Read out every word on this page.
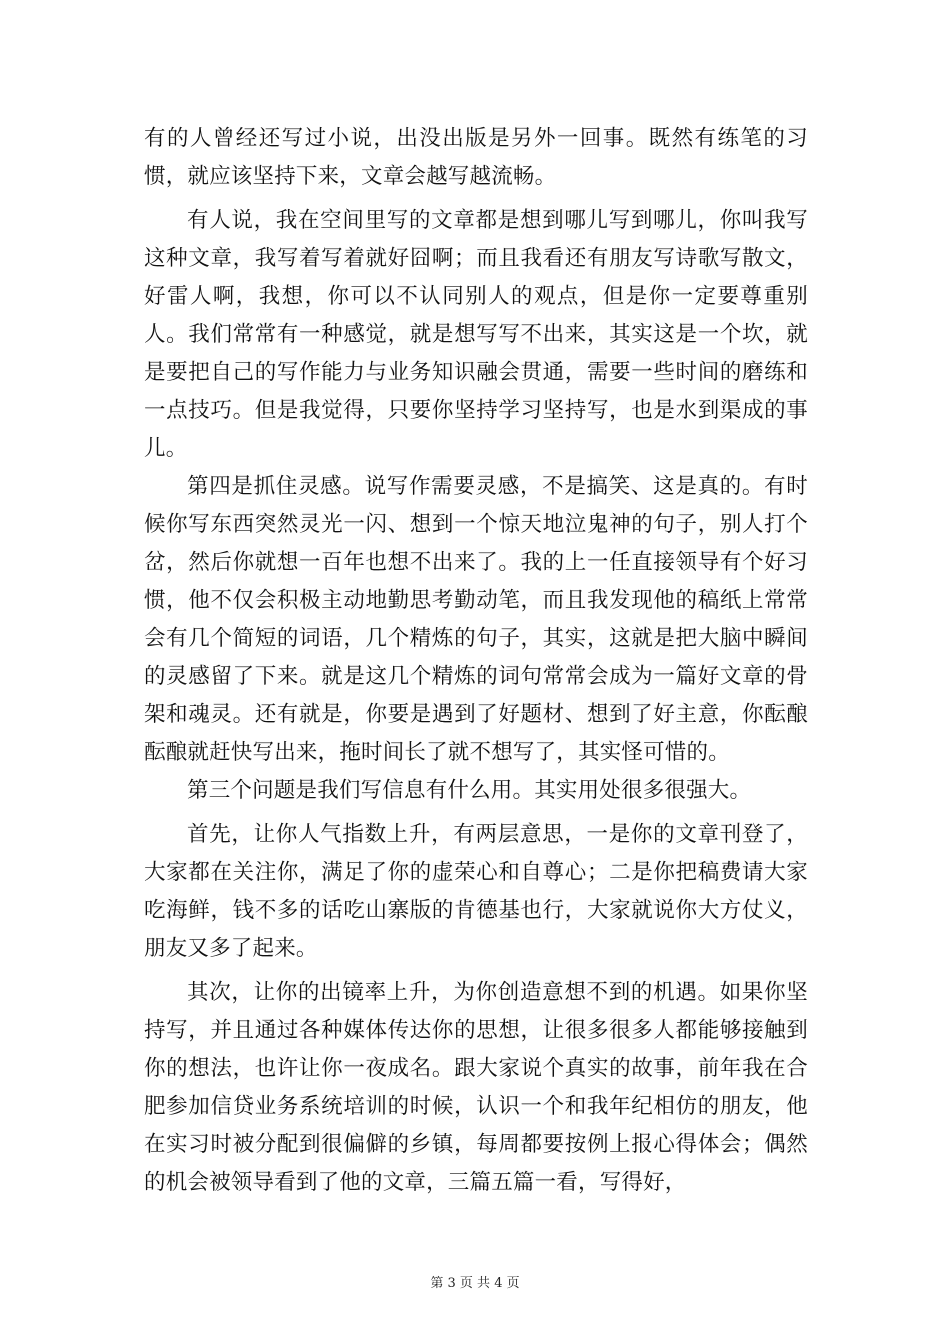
有的人曾经还写过小说，出没出版是另外一回事。既然有练笔的习惯，就应该坚持下来，文章会越写越流畅。

有人说，我在空间里写的文章都是想到哪儿写到哪儿，你叫我写这种文章，我写着写着就好囧啊；而且我看还有朋友写诗歌写散文，好雷人啊，我想，你可以不认同别人的观点，但是你一定要尊重别人。我们常常有一种感觉，就是想写写不出来，其实这是一个坎，就是要把自己的写作能力与业务知识融会贯通，需要一些时间的磨练和一点技巧。但是我觉得，只要你坚持学习坚持写，也是水到渠成的事儿。

第四是抓住灵感。说写作需要灵感，不是搞笑、这是真的。有时候你写东西突然灵光一闪、想到一个惊天地泣鬼神的句子，别人打个岔，然后你就想一百年也想不出来了。我的上一任直接领导有个好习惯，他不仅会积极主动地勤思考勤动笔，而且我发现他的稿纸上常常会有几个简短的词语，几个精炼的句子，其实，这就是把大脑中瞬间的灵感留了下来。就是这几个精炼的词句常常会成为一篇好文章的骨架和魂灵。还有就是，你要是遇到了好题材、想到了好主意，你酝酿酝酿就赶快写出来，拖时间长了就不想写了，其实怪可惜的。

第三个问题是我们写信息有什么用。其实用处很多很强大。

首先，让你人气指数上升，有两层意思，一是你的文章刊登了，大家都在关注你，满足了你的虚荣心和自尊心；二是你把稿费请大家吃海鲜，钱不多的话吃山寨版的肯德基也行，大家就说你大方仗义，朋友又多了起来。

其次，让你的出镜率上升，为你创造意想不到的机遇。如果你坚持写，并且通过各种媒体传达你的思想，让很多很多人都能够接触到你的想法，也许让你一夜成名。跟大家说个真实的故事，前年我在合肥参加信贷业务系统培训的时候，认识一个和我年纪相仿的朋友，他在实习时被分配到很偏僻的乡镇，每周都要按例上报心得体会；偶然的机会被领导看到了他的文章，三篇五篇一看，写得好，

第 3 页 共 4 页
